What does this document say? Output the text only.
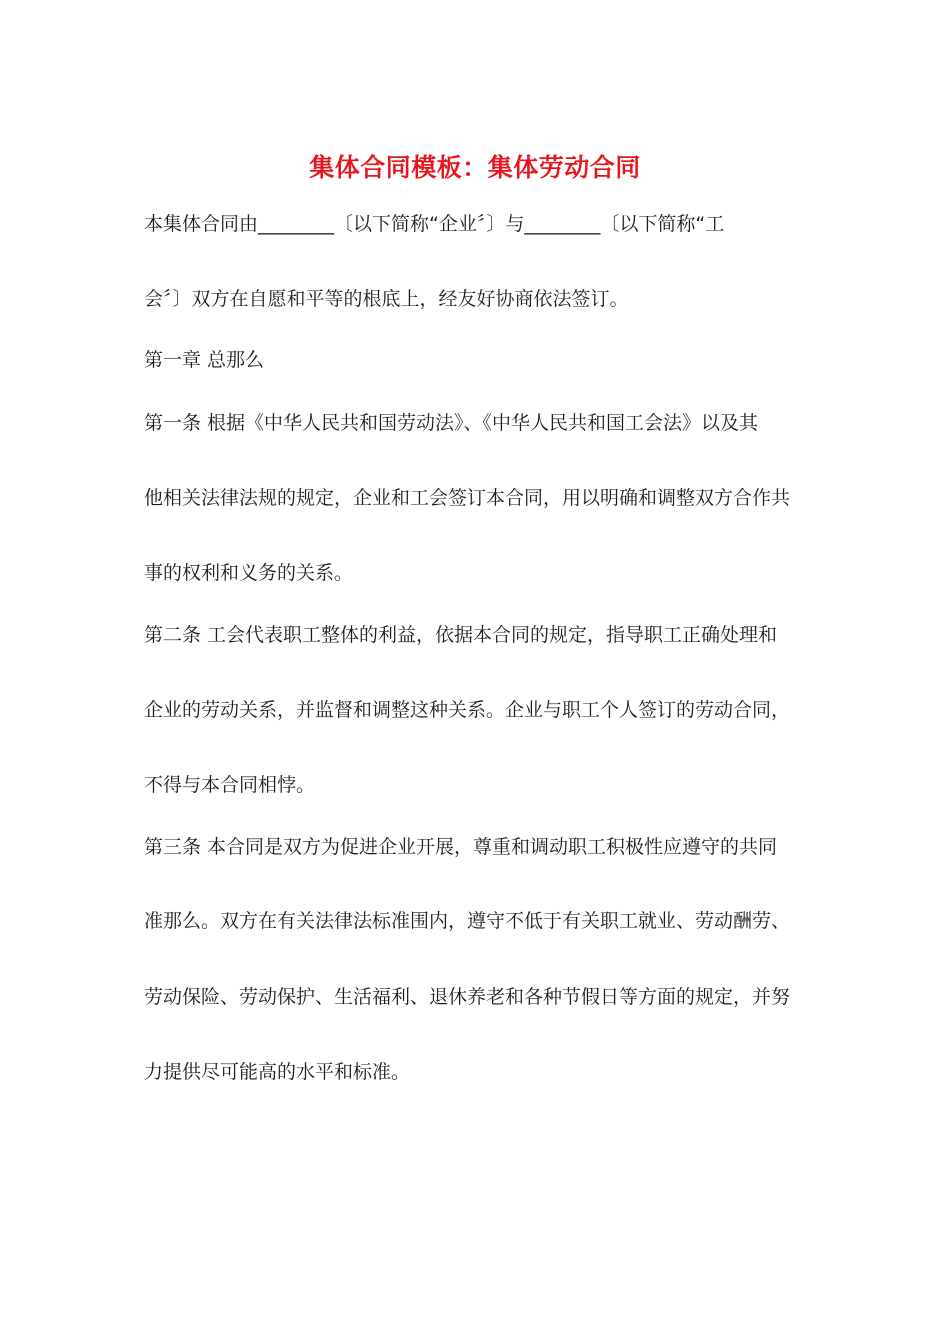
集体合同模板：集体劳动合同
本集体合同由________〔以下简称“企业〞〕与________〔以下简称“工
会〞〕双方在自愿和平等的根底上，经友好协商依法签订。
第一章 总那么
第一条 根据《中华人民共和国劳动法》、《中华人民共和国工会法》以及其
他相关法律法规的规定，企业和工会签订本合同，用以明确和调整双方合作共
事的权利和义务的关系。
第二条 工会代表职工整体的利益，依据本合同的规定，指导职工正确处理和
企业的劳动关系，并监督和调整这种关系。企业与职工个人签订的劳动合同，
不得与本合同相悖。
第三条 本合同是双方为促进企业开展，尊重和调动职工积极性应遵守的共同
准那么。双方在有关法律法标准围内，遵守不低于有关职工就业、劳动酬劳、
劳动保险、劳动保护、生活福利、退休养老和各种节假日等方面的规定，并努
力提供尽可能高的水平和标准。
